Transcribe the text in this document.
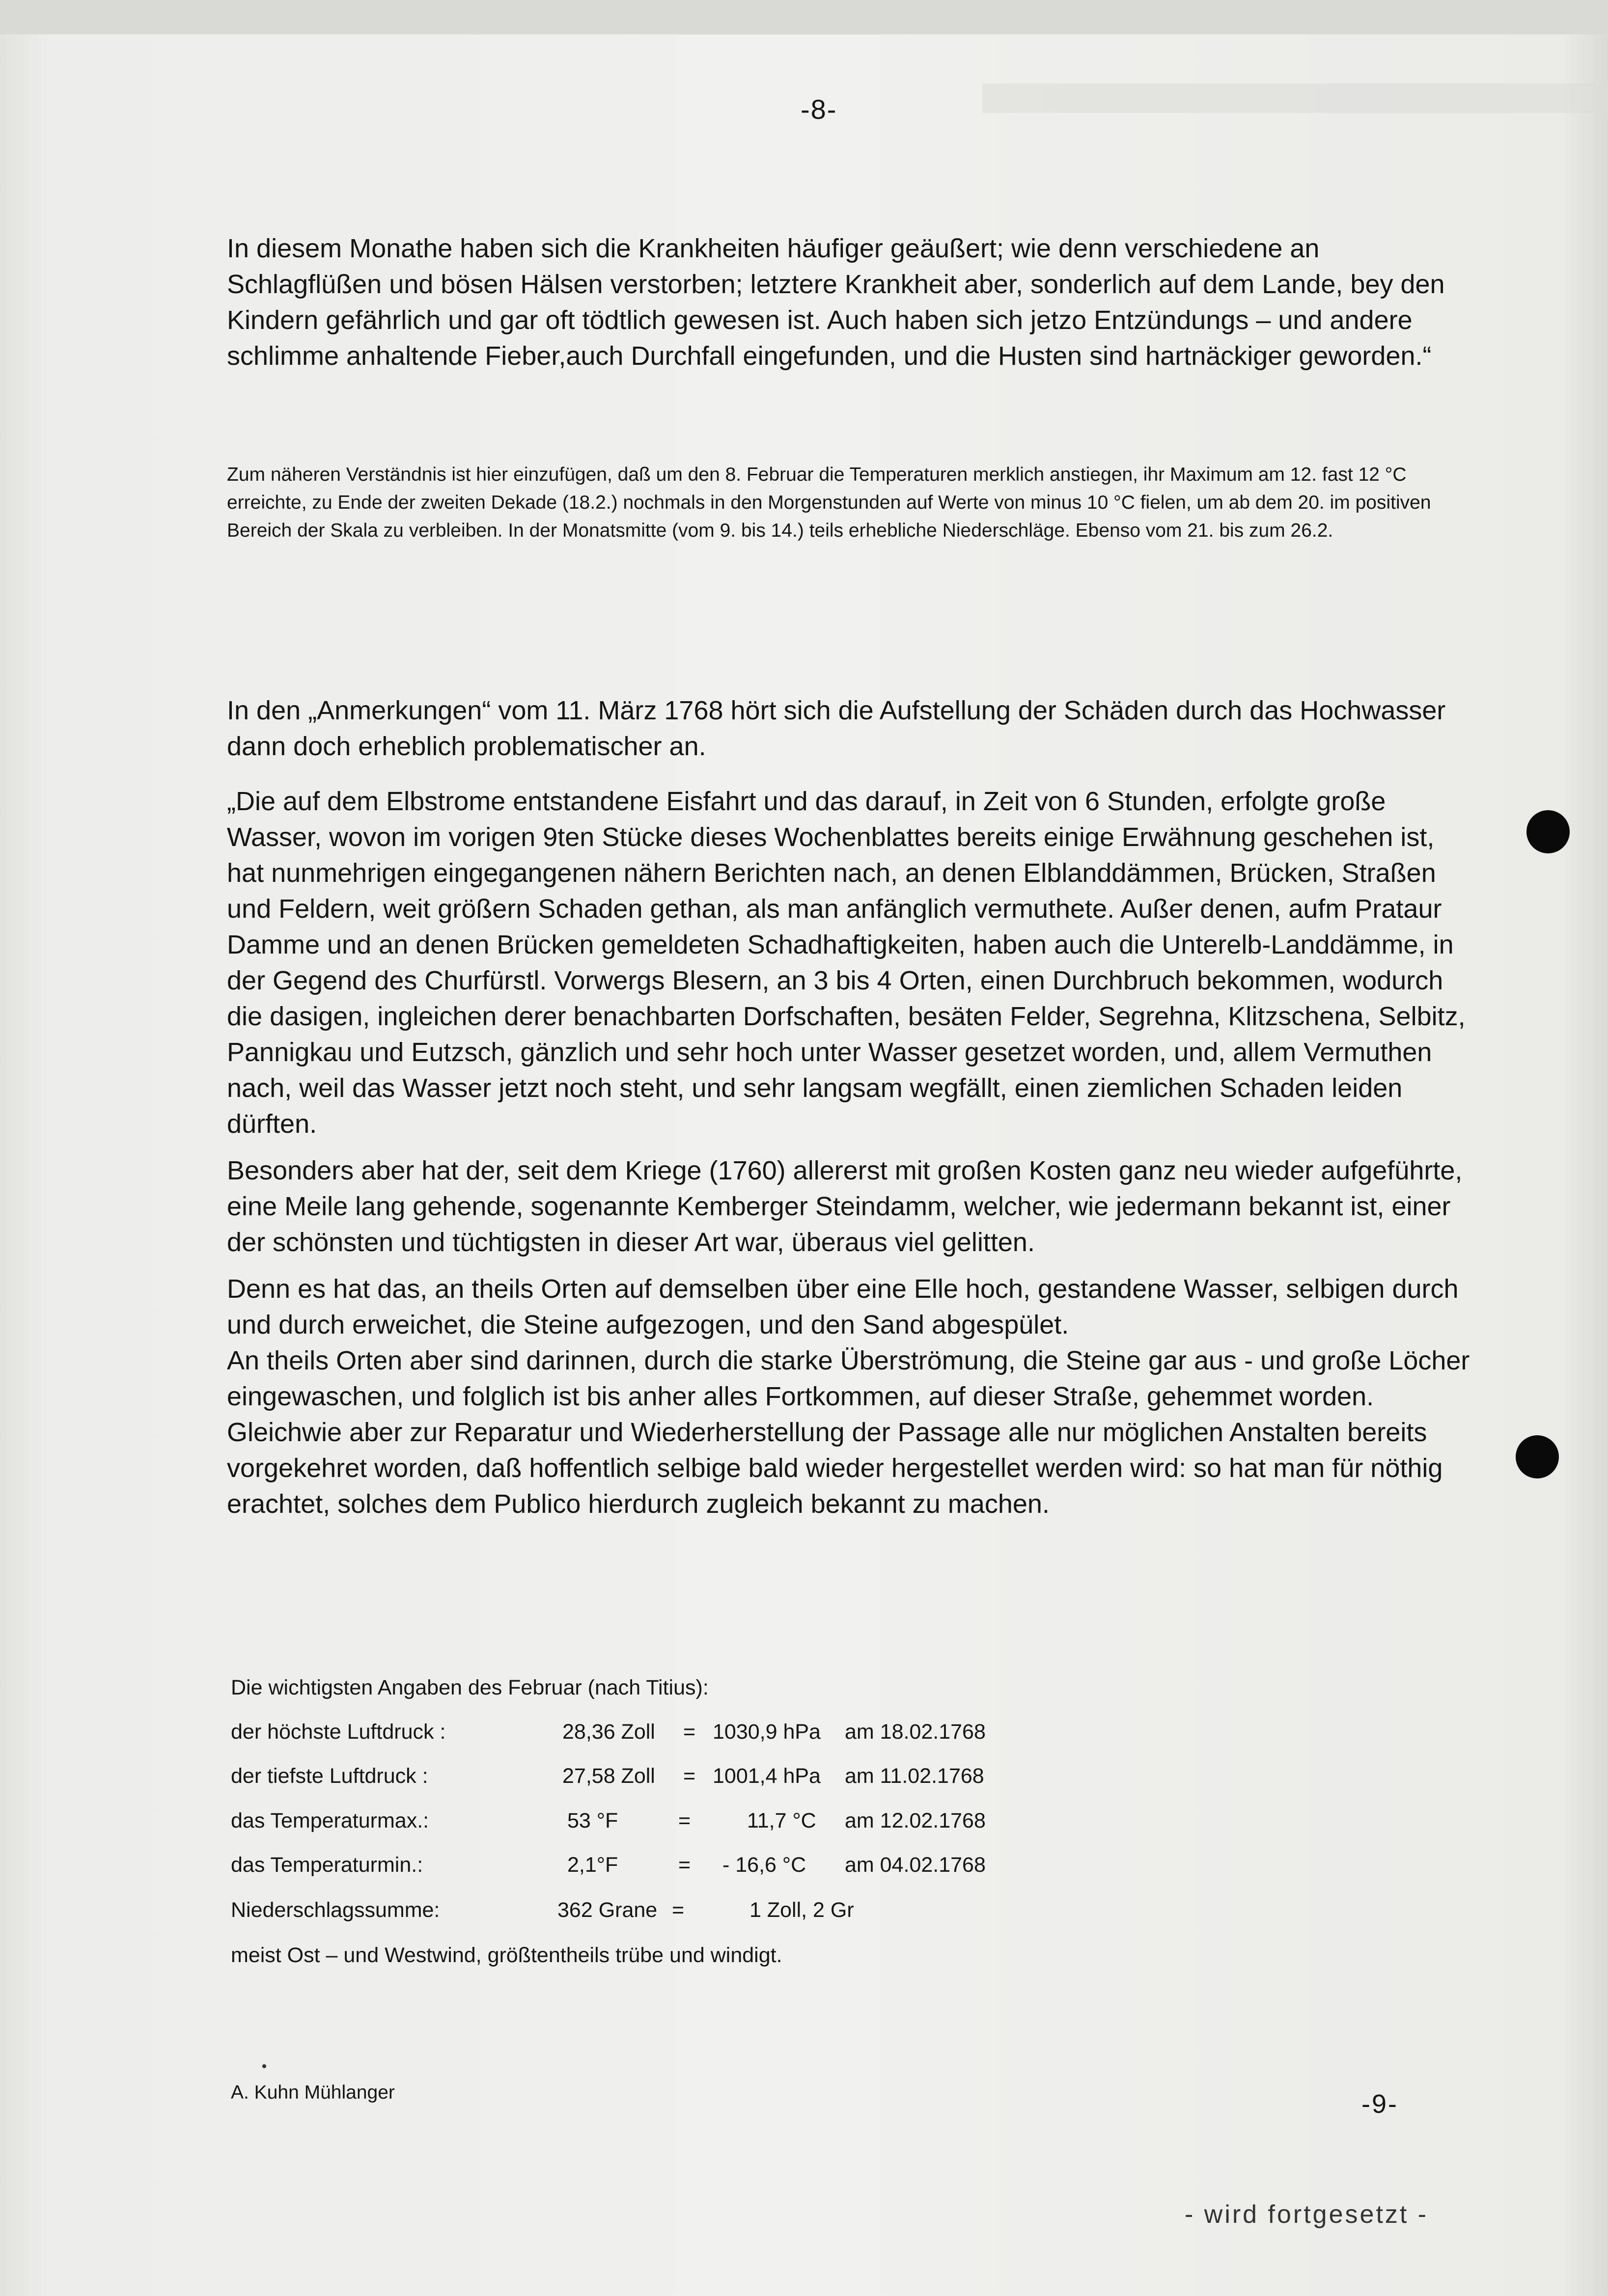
-8-

In diesem Monathe haben sich die Krankheiten häufiger geäußert; wie denn verschiedene an Schlagflüßen und bösen Hälsen verstorben; letztere Krankheit aber, sonderlich auf dem Lande, bey den Kindern gefährlich und gar oft tödtlich gewesen ist. Auch haben sich jetzo Entzündungs – und andere schlimme anhaltende Fieber,auch Durchfall eingefunden, und die Husten sind hartnäckiger geworden.“

Zum näheren Verständnis ist hier einzufügen, daß um den 8. Februar die Temperaturen merklich anstiegen, ihr Maximum am 12. fast 12 °C erreichte, zu Ende der zweiten Dekade (18.2.) nochmals in den Morgenstunden auf Werte von minus 10 °C fielen, um ab dem 20. im positiven Bereich der Skala zu verbleiben. In der Monatsmitte (vom 9. bis 14.) teils erhebliche Niederschläge. Ebenso vom 21. bis zum 26.2.

In den „Anmerkungen“ vom 11. März 1768 hört sich die Aufstellung der Schäden durch das Hochwasser dann doch erheblich problematischer an.

„Die auf dem Elbstrome entstandene Eisfahrt und das darauf, in Zeit von 6 Stunden, erfolgte große Wasser, wovon im vorigen 9ten Stücke dieses Wochenblattes bereits einige Erwähnung geschehen ist, hat nunmehrigen eingegangenen nähern Berichten nach, an denen Elblanddämmen, Brücken, Straßen und Feldern, weit größern Schaden gethan, als man anfänglich vermuthete. Außer denen, aufm Prataur Damme und an denen Brücken gemeldeten Schadhaftigkeiten, haben auch die Unterelb-Landdämme, in der Gegend des Churfürstl. Vorwergs Blesern, an 3 bis 4 Orten, einen Durchbruch bekommen, wodurch die dasigen, ingleichen derer benachbarten Dorfschaften, besäten Felder, Segrehna, Klitzschena, Selbitz, Pannigkau und Eutzsch, gänzlich und sehr hoch unter Wasser gesetzet worden, und, allem Vermuthen nach, weil das Wasser jetzt noch steht, und sehr langsam wegfällt, einen ziemlichen Schaden leiden dürften.

Besonders aber hat der, seit dem Kriege (1760) allererst mit großen Kosten ganz neu wieder aufgeführte, eine Meile lang gehende, sogenannte Kemberger Steindamm, welcher, wie jedermann bekannt ist, einer der schönsten und tüchtigsten in dieser Art war, überaus viel gelitten.

Denn es hat das, an theils Orten auf demselben über eine Elle hoch, gestandene Wasser, selbigen durch und durch erweichet, die Steine aufgezogen, und den Sand abgespület.

An theils Orten aber sind darinnen, durch die starke Überströmung, die Steine gar aus - und große Löcher eingewaschen, und folglich ist bis anher alles Fortkommen, auf dieser Straße, gehemmet worden. Gleichwie aber zur Reparatur und Wiederherstellung der Passage alle nur möglichen Anstalten bereits vorgekehret worden, daß hoffentlich selbige bald wieder hergestellet werden wird: so hat man für nöthig erachtet, solches dem Publico hierdurch zugleich bekannt zu machen.

Die wichtigsten Angaben des Februar (nach Titius):
der höchste Luftdruck :	28,36 Zoll = 1030,9 hPa am 18.02.1768
der tiefste Luftdruck :	27,58 Zoll = 1001,4 hPa am 11.02.1768
das Temperaturmax.:	53 °F	=	11,7 °C am 12.02.1768
das Temperaturmin.:	2,1°F	= - 16,6 °C am 04.02.1768
Niederschlagssumme:	362 Grane =	1 Zoll, 2 Gr
meist Ost – und Westwind, größtentheils trübe und windigt.
A. Kuhn Mühlanger	-9-
- wird fortgesetzt -
